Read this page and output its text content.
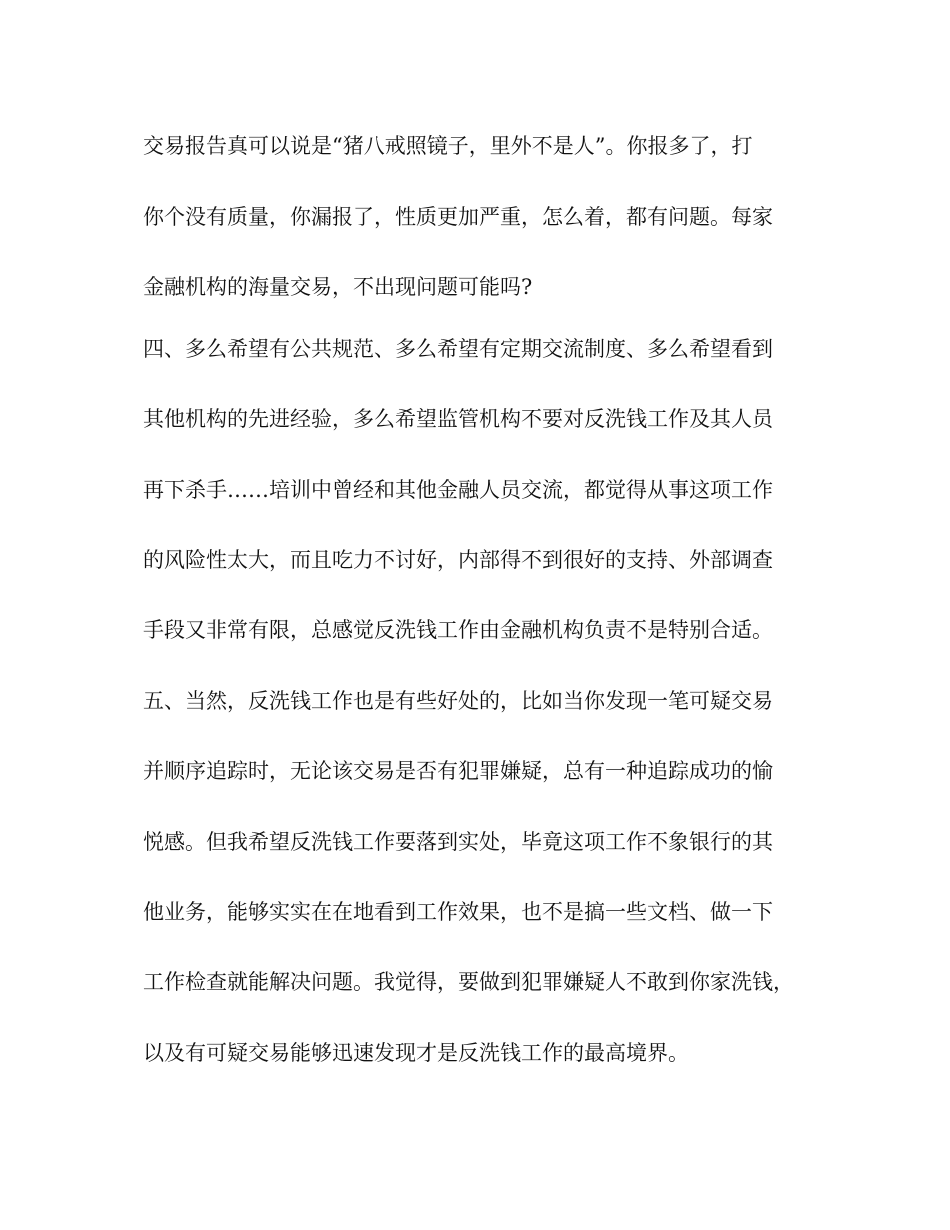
交易报告真可以说是“猪八戒照镜子，里外不是人”。你报多了，打
你个没有质量，你漏报了，性质更加严重，怎么着，都有问题。每家
金融机构的海量交易，不出现问题可能吗?
四、多么希望有公共规范、多么希望有定期交流制度、多么希望看到
其他机构的先进经验，多么希望监管机构不要对反洗钱工作及其人员
再下杀手……培训中曾经和其他金融人员交流，都觉得从事这项工作
的风险性太大，而且吃力不讨好，内部得不到很好的支持、外部调查
手段又非常有限，总感觉反洗钱工作由金融机构负责不是特别合适。
五、当然，反洗钱工作也是有些好处的，比如当你发现一笔可疑交易
并顺序追踪时，无论该交易是否有犯罪嫌疑，总有一种追踪成功的愉
悦感。但我希望反洗钱工作要落到实处，毕竟这项工作不象银行的其
他业务，能够实实在在地看到工作效果，也不是搞一些文档、做一下
工作检查就能解决问题。我觉得，要做到犯罪嫌疑人不敢到你家洗钱，
以及有可疑交易能够迅速发现才是反洗钱工作的最高境界。
